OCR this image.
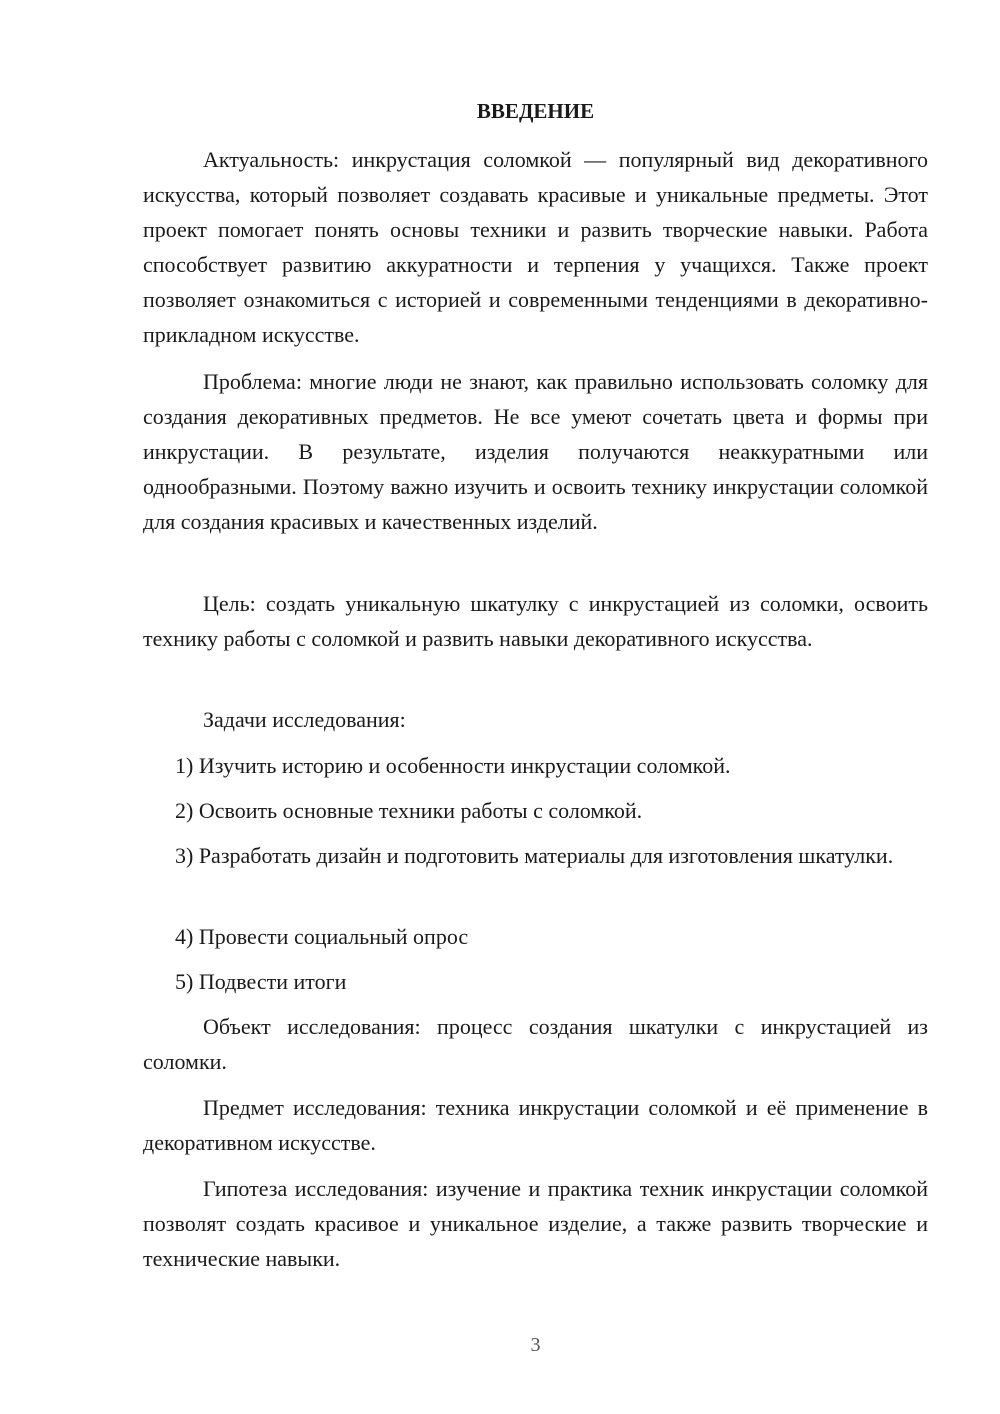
ВВЕДЕНИЕ

Актуальность: инкрустация соломкой — популярный вид декоративного искусства, который позволяет создавать красивые и уникальные предметы. Этот проект помогает понять основы техники и развить творческие навыки. Работа способствует развитию аккуратности и терпения у учащихся. Также проект позволяет ознакомиться с историей и современными тенденциями в декоративно-прикладном искусстве.

Проблема: многие люди не знают, как правильно использовать соломку для создания декоративных предметов. Не все умеют сочетать цвета и формы при инкрустации. В результате, изделия получаются неаккуратными или однообразными. Поэтому важно изучить и освоить технику инкрустации соломкой для создания красивых и качественных изделий.

Цель: создать уникальную шкатулку с инкрустацией из соломки, освоить технику работы с соломкой и развить навыки декоративного искусства.

Задачи исследования:

1) Изучить историю и особенности инкрустации соломкой.

2) Освоить основные техники работы с соломкой.

3) Разработать дизайн и подготовить материалы для изготовления шкатулки.

4) Провести социальный опрос

5) Подвести итоги

Объект исследования: процесс создания шкатулки с инкрустацией из соломки.

Предмет исследования: техника инкрустации соломкой и её применение в декоративном искусстве.

Гипотеза исследования: изучение и практика техник инкрустации соломкой позволят создать красивое и уникальное изделие, а также развить творческие и технические навыки.

3
